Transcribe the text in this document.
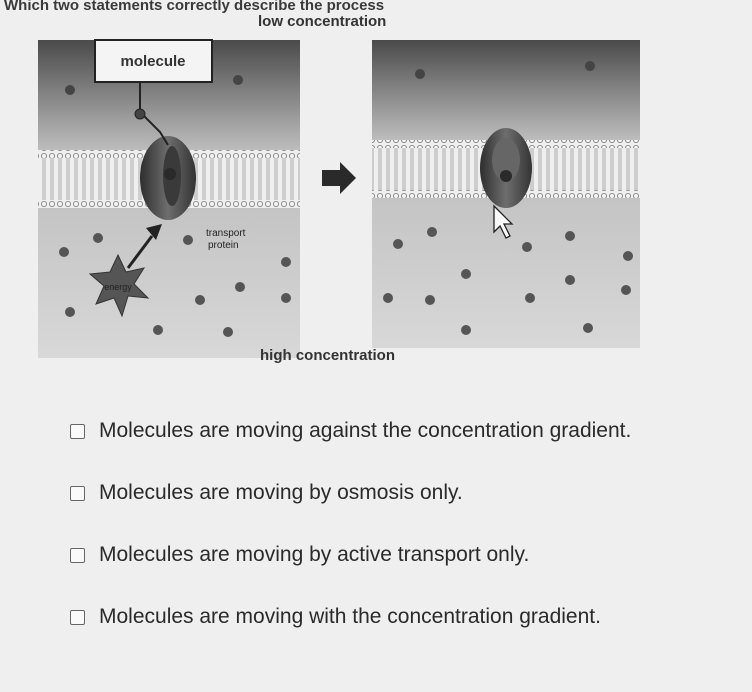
Which two statements correctly describe the process
molecule
energy
transport
protein
low concentration
high concentration
Molecules are moving against the concentration gradient.
Molecules are moving by osmosis only.
Molecules are moving by active transport only.
Molecules are moving with the concentration gradient.
